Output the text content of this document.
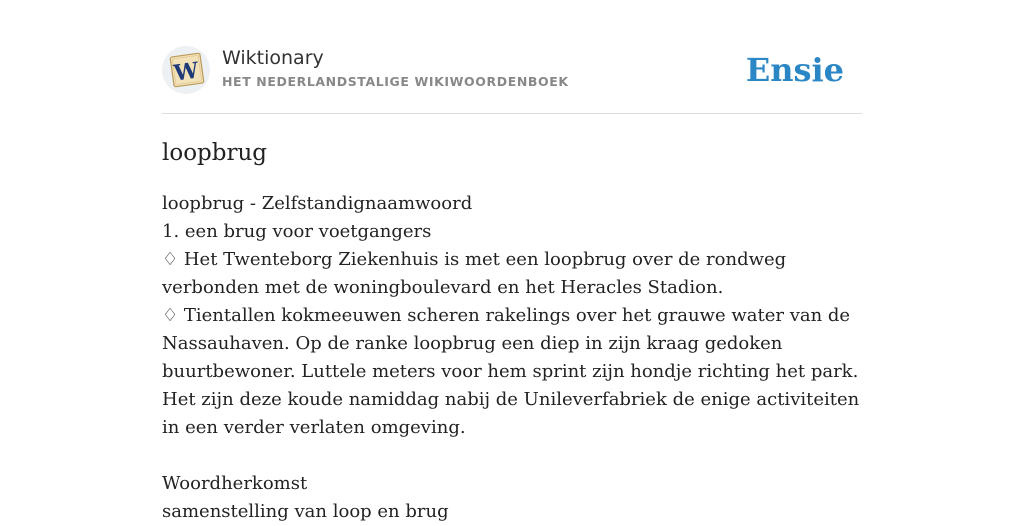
W Wiktionary
HET NEDERLANDSTALIGE WIKIWOORDENBOEK	Ensie
loopbrug
loopbrug - Zelfstandignaamwoord
1. een brug voor voetgangers
♢ Het Twenteborg Ziekenhuis is met een loopbrug over de rondweg verbonden met de woningboulevard en het Heracles Stadion.
♢ Tientallen kokmeeuwen scheren rakelings over het grauwe water van de Nassauhaven. Op de ranke loopbrug een diep in zijn kraag gedoken buurtbewoner. Luttele meters voor hem sprint zijn hondje richting het park. Het zijn deze koude namiddag nabij de Unileverfabriek de enige activiteiten in een verder verlaten omgeving.
Woordherkomst
samenstelling van loop en brug
